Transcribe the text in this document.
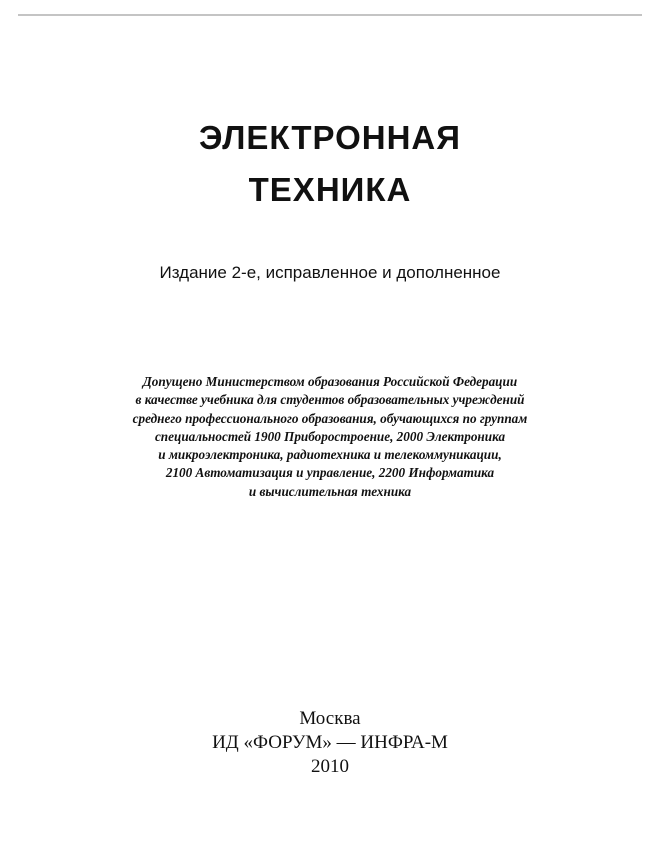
ЭЛЕКТРОННАЯ
ТЕХНИКА
Издание 2-е, исправленное и дополненное
Допущено Министерством образования Российской Федерации
в качестве учебника для студентов образовательных учреждений
среднего профессионального образования, обучающихся по группам
специальностей 1900 Приборостроение, 2000 Электроника
и микроэлектроника, радиотехника и телекоммуникации,
2100 Автоматизация и управление, 2200 Информатика
и вычислительная техника
Москва
ИД «ФОРУМ» — ИНФРА-М
2010
